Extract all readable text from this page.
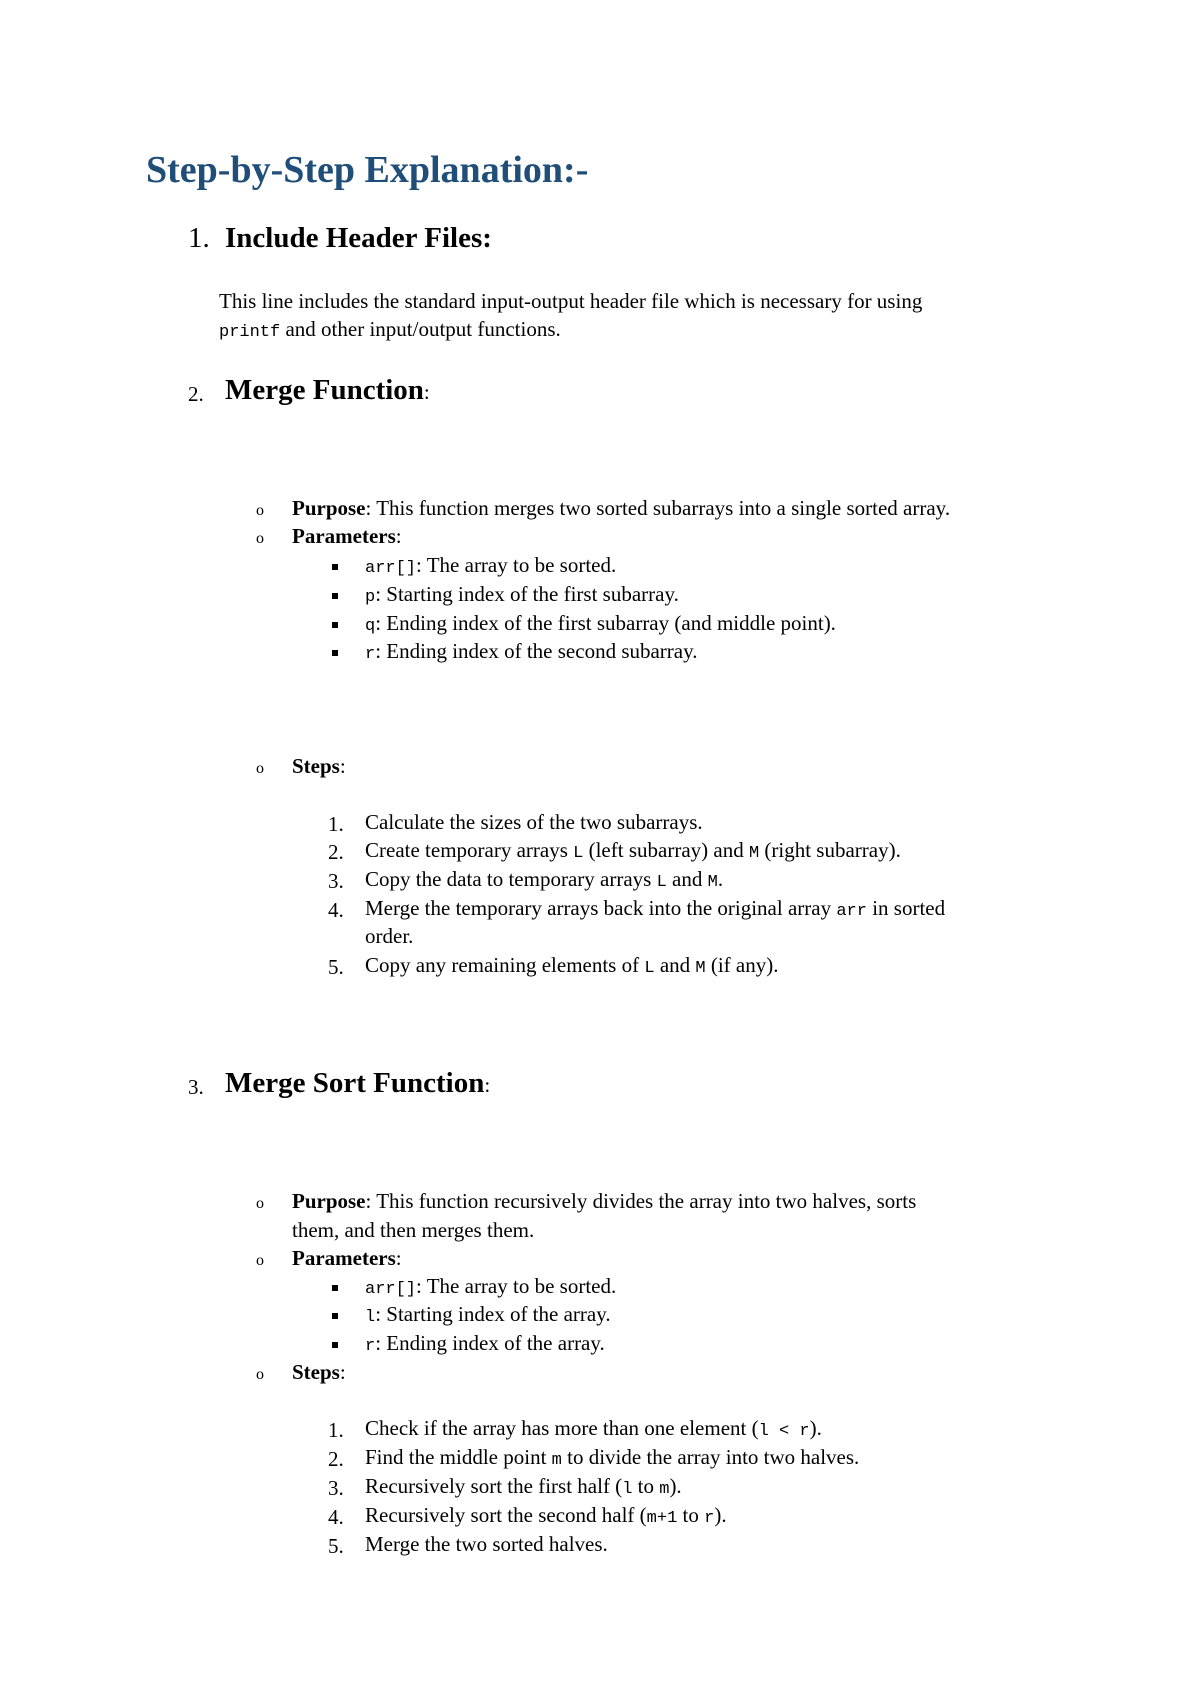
Step-by-Step Explanation:-
1. Include Header Files:
This line includes the standard input-output header file which is necessary for using
printf and other input/output functions.
2. Merge Function:
o Purpose: This function merges two sorted subarrays into a single sorted array.
o Parameters:
arr[]: The array to be sorted.
p: Starting index of the first subarray.
q: Ending index of the first subarray (and middle point).
r: Ending index of the second subarray.
o Steps:
1. Calculate the sizes of the two subarrays.
2. Create temporary arrays L (left subarray) and M (right subarray).
3. Copy the data to temporary arrays L and M.
4. Merge the temporary arrays back into the original array arr in sorted
order.
5. Copy any remaining elements of L and M (if any).
3. Merge Sort Function:
o Purpose: This function recursively divides the array into two halves, sorts
them, and then merges them.
o Parameters:
arr[]: The array to be sorted.
l: Starting index of the array.
r: Ending index of the array.
o Steps:
1. Check if the array has more than one element (l < r).
2. Find the middle point m to divide the array into two halves.
3. Recursively sort the first half (l to m).
4. Recursively sort the second half (m+1 to r).
5. Merge the two sorted halves.
